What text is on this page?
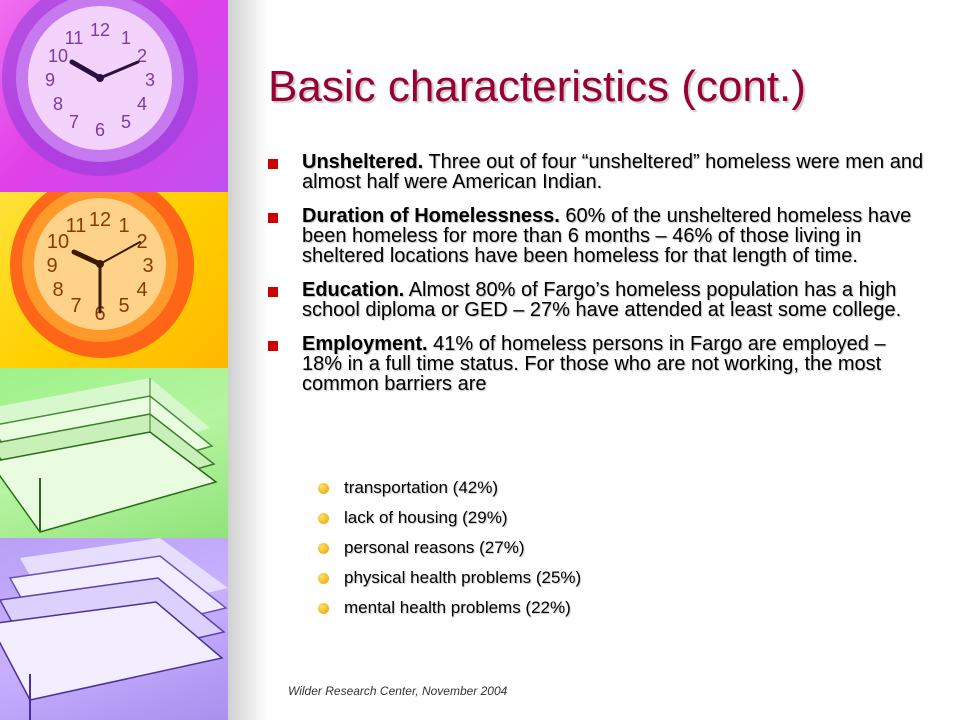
12 1
2
3
4
5
6
7
8
9
10
11
12 1
2
3
4
5
6
7
8
9
10
11
Basic characteristics (cont.)
Unsheltered. Three out of four “unsheltered” homeless were men and almost half were American Indian.
Duration of Homelessness. 60% of the unsheltered homeless have been homeless for more than 6 months – 46% of those living in sheltered locations have been homeless for that length of time.
Education. Almost 80% of Fargo’s homeless population has a high school diploma or GED – 27% have attended at least some college.
Employment. 41% of homeless persons in Fargo are employed – 18% in a full time status. For those who are not working, the most common barriers are
transportation (42%)
lack of housing (29%)
personal reasons (27%)
physical health problems (25%)
mental health problems (22%)
Wilder Research Center, November 2004
